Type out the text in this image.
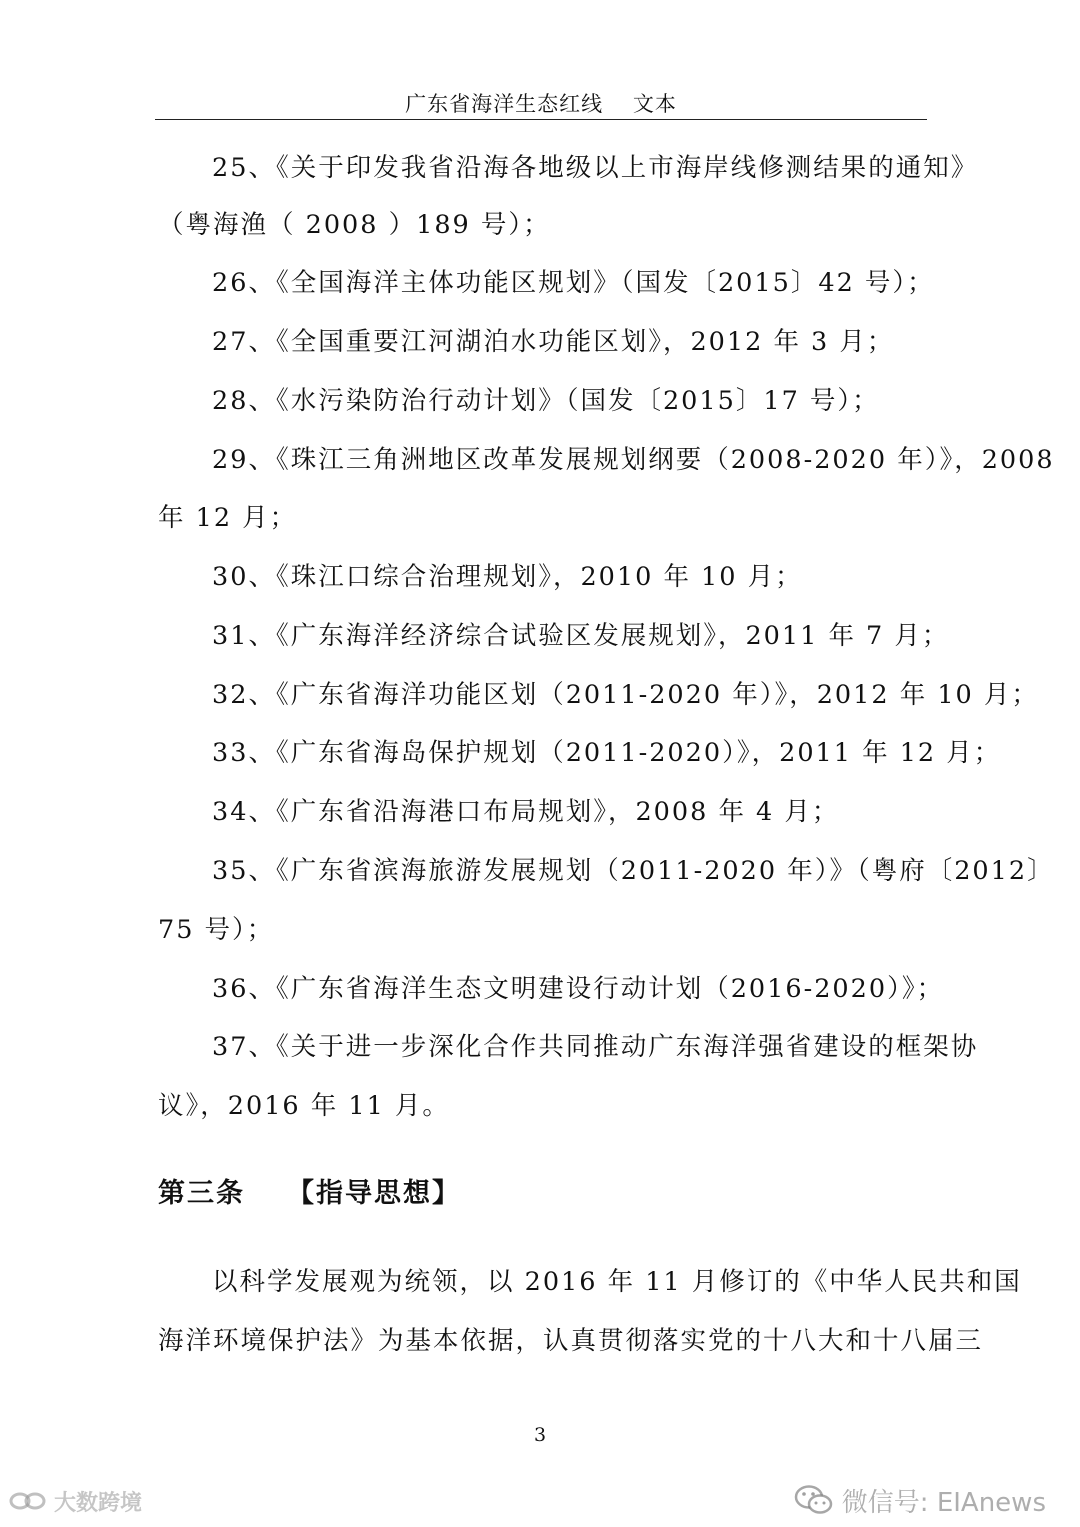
广东省海洋生态红线　 文本
25、《关于印发我省沿海各地级以上市海岸线修测结果的通知》
（粤海渔（ 2008 ）189 号）；
26、《全国海洋主体功能区规划》（国发〔2015〕42 号）；
27、《全国重要江河湖泊水功能区划》，2012 年 3 月；
28、《水污染防治行动计划》（国发〔2015〕17 号）；
29、《珠江三角洲地区改革发展规划纲要（2008-2020 年）》，2008
年 12 月；
30、《珠江口综合治理规划》，2010 年 10 月；
31、《广东海洋经济综合试验区发展规划》，2011 年 7 月；
32、《广东省海洋功能区划（2011-2020 年）》，2012 年 10 月；
33、《广东省海岛保护规划（2011-2020）》，2011 年 12 月；
34、《广东省沿海港口布局规划》，2008 年 4 月；
35、《广东省滨海旅游发展规划（2011-2020 年）》（粤府〔2012〕
75 号）；
36、《广东省海洋生态文明建设行动计划（2016-2020）》；
37、《关于进一步深化合作共同推动广东海洋强省建设的框架协
议》，2016 年 11 月。
第三条 【指导思想】
以科学发展观为统领，以 2016 年 11 月修订的《中华人民共和国
海洋环境保护法》为基本依据，认真贯彻落实党的十八大和十八届三
3
大数跨境	微信号: EIAnews
